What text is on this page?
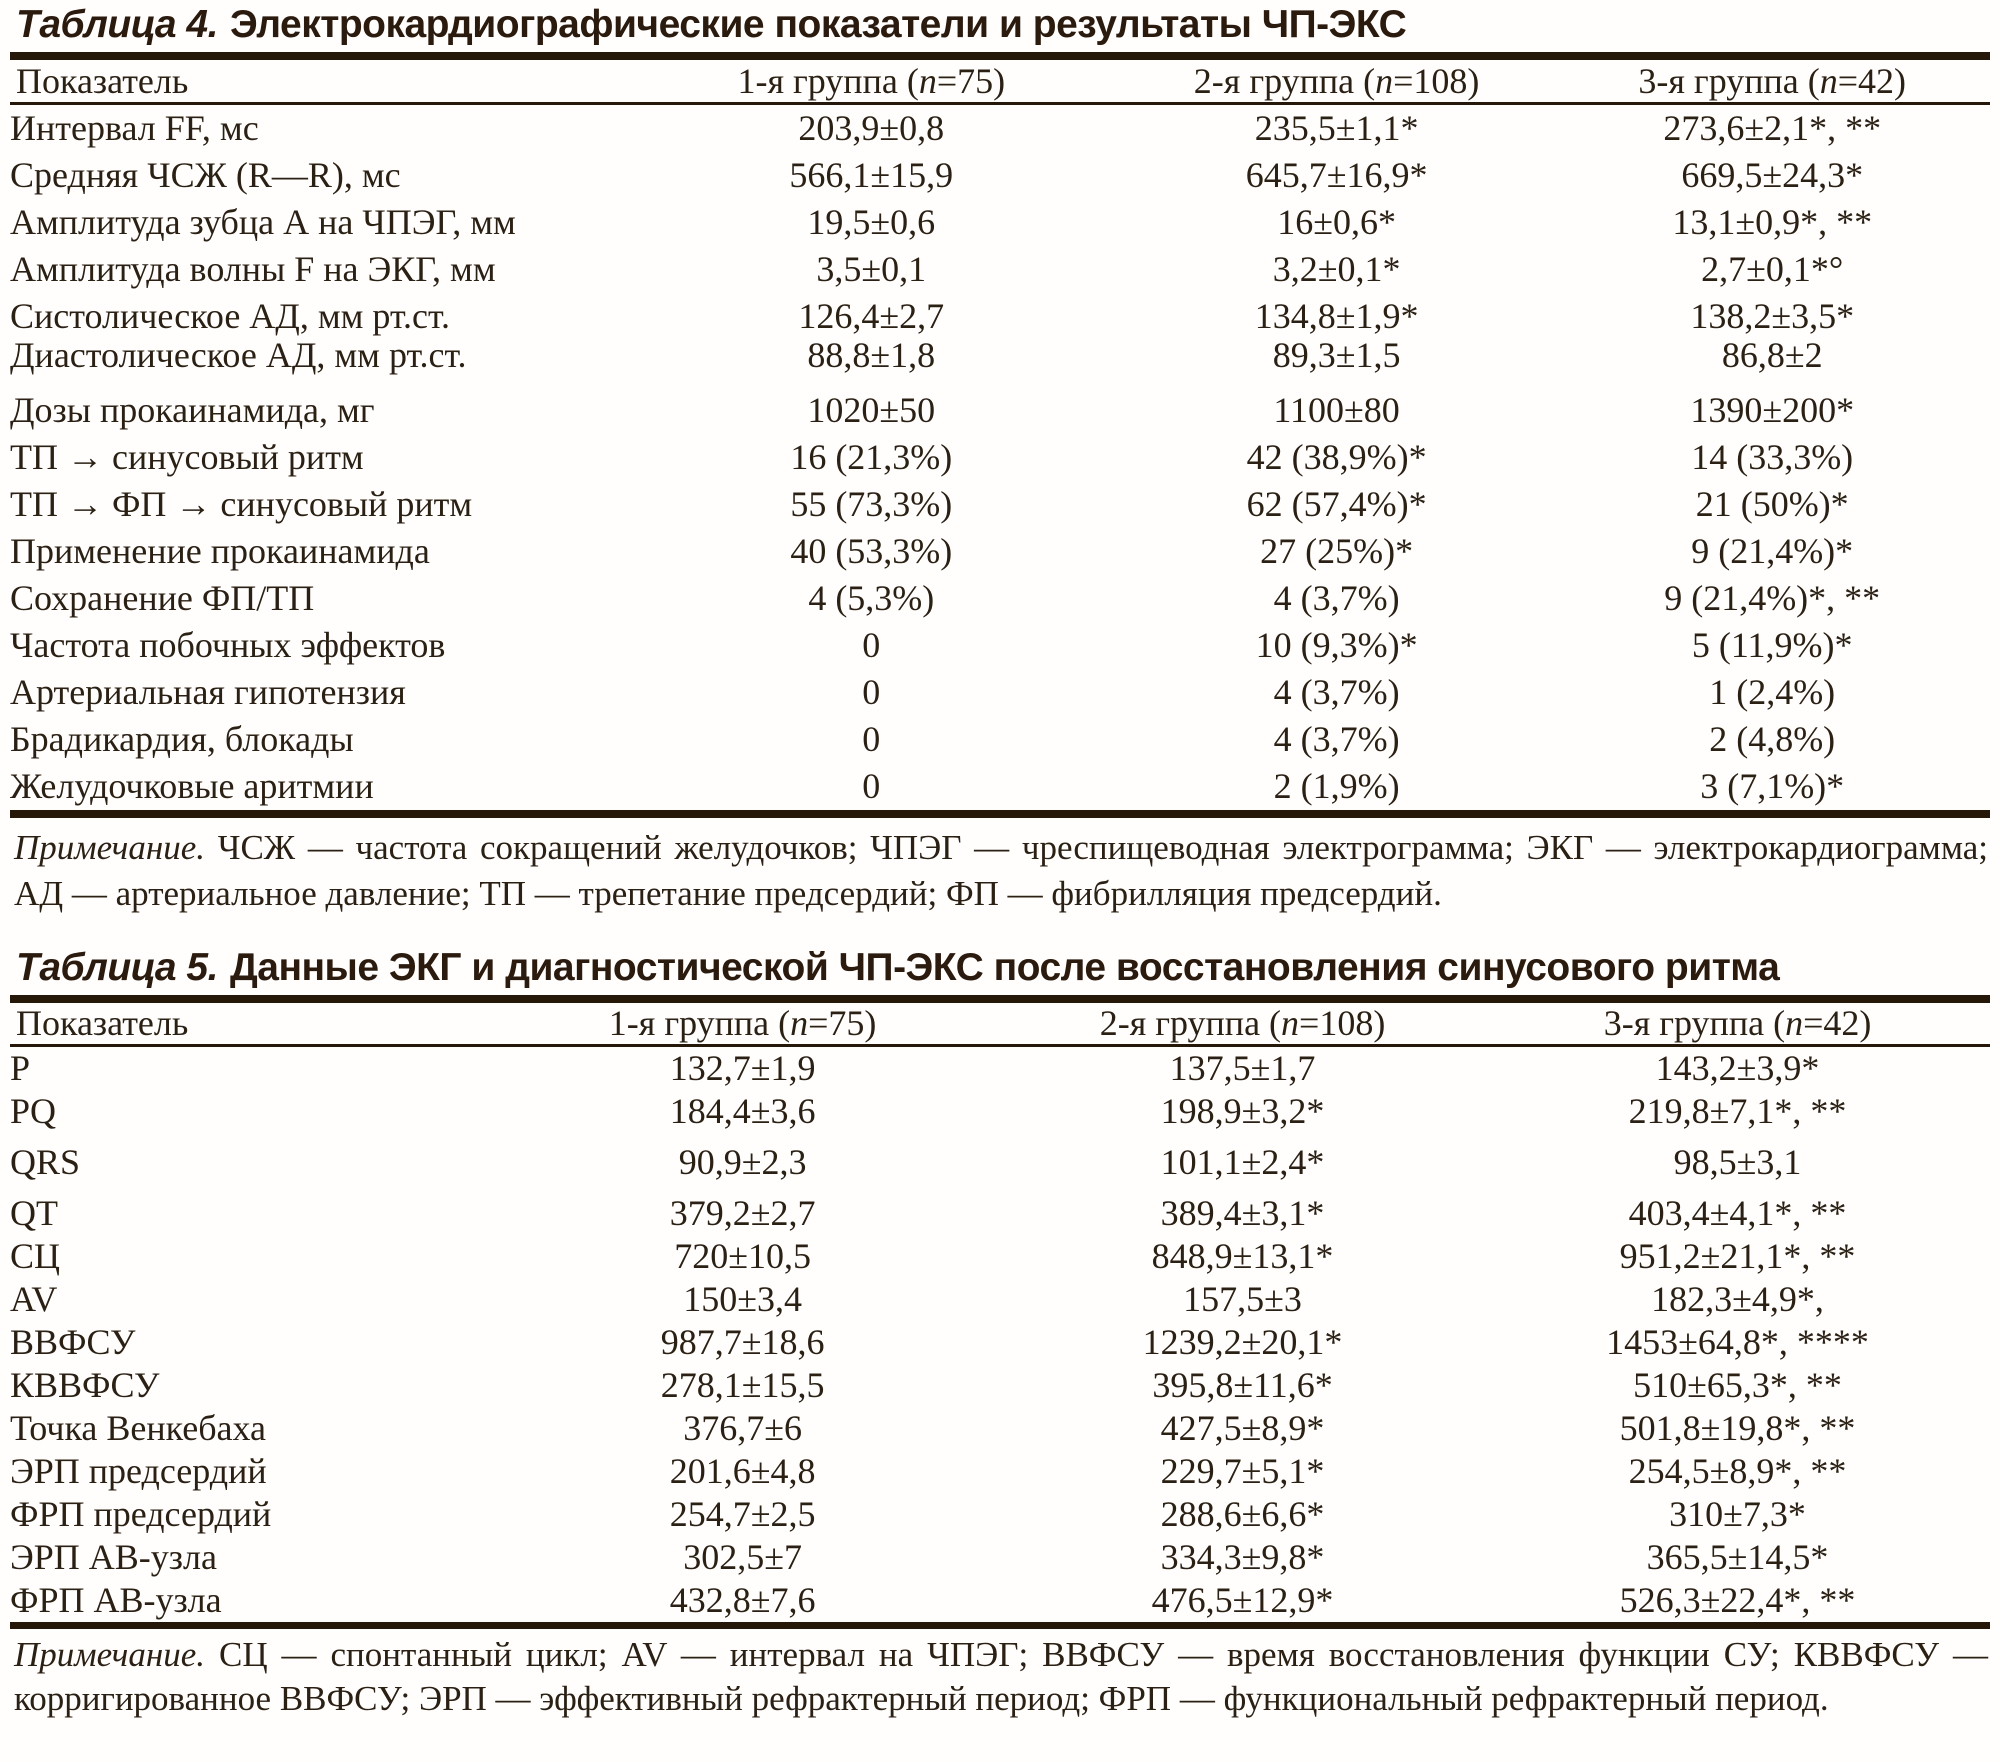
Таблица 4. Электрокардиографические показатели и результаты ЧП-ЭКС
Показатель	1-я группа (n=75)	2-я группа (n=108)	3-я группа (n=42)
Интервал FF, мс	203,9±0,8	235,5±1,1*	273,6±2,1*, **
Средняя ЧСЖ (R—R), мс	566,1±15,9	645,7±16,9*	669,5±24,3*
Амплитуда зубца А на ЧПЭГ, мм	19,5±0,6	16±0,6*	13,1±0,9*, **
Амплитуда волны F на ЭКГ, мм	3,5±0,1	3,2±0,1*	2,7±0,1*°
Систолическое АД, мм рт.ст.	126,4±2,7	134,8±1,9*	138,2±3,5*
Диастолическое АД, мм рт.ст.	88,8±1,8	89,3±1,5	86,8±2
Дозы прокаинамида, мг	1020±50	1100±80	1390±200*
ТП → синусовый ритм	16 (21,3%)	42 (38,9%)*	14 (33,3%)
ТП → ФП → синусовый ритм	55 (73,3%)	62 (57,4%)*	21 (50%)*
Применение прокаинамида	40 (53,3%)	27 (25%)*	9 (21,4%)*
Сохранение ФП/ТП	4 (5,3%)	4 (3,7%)	9 (21,4%)*, **
Частота побочных эффектов	0	10 (9,3%)*	5 (11,9%)*
Артериальная гипотензия	0	4 (3,7%)	1 (2,4%)
Брадикардия, блокады	0	4 (3,7%)	2 (4,8%)
Желудочковые аритмии	0	2 (1,9%)	3 (7,1%)*

Примечание. ЧСЖ — частота сокращений желудочков; ЧПЭГ — чреспищеводная электрограмма; ЭКГ — электрокардиограмма; АД — артериальное давление; ТП — трепетание предсердий; ФП — фибрилляция предсердий.

Таблица 5. Данные ЭКГ и диагностической ЧП-ЭКС после восстановления синусового ритма
Показатель	1-я группа (n=75)	2-я группа (n=108)	3-я группа (n=42)
P	132,7±1,9	137,5±1,7	143,2±3,9*
PQ	184,4±3,6	198,9±3,2*	219,8±7,1*, **
QRS	90,9±2,3	101,1±2,4*	98,5±3,1
QT	379,2±2,7	389,4±3,1*	403,4±4,1*, **
СЦ	720±10,5	848,9±13,1*	951,2±21,1*, **
AV	150±3,4	157,5±3	182,3±4,9*,
ВВФСУ	987,7±18,6	1239,2±20,1*	1453±64,8*, ****
КВВФСУ	278,1±15,5	395,8±11,6*	510±65,3*, **
Точка Венкебаха	376,7±6	427,5±8,9*	501,8±19,8*, **
ЭРП предсердий	201,6±4,8	229,7±5,1*	254,5±8,9*, **
ФРП предсердий	254,7±2,5	288,6±6,6*	310±7,3*
ЭРП АВ-узла	302,5±7	334,3±9,8*	365,5±14,5*
ФРП АВ-узла	432,8±7,6	476,5±12,9*	526,3±22,4*, **

Примечание. СЦ — спонтанный цикл; AV — интервал на ЧПЭГ; ВВФСУ — время восстановления функции СУ; КВВФСУ — корригированное ВВФСУ; ЭРП — эффективный рефрактерный период; ФРП — функциональный рефрактерный период.
